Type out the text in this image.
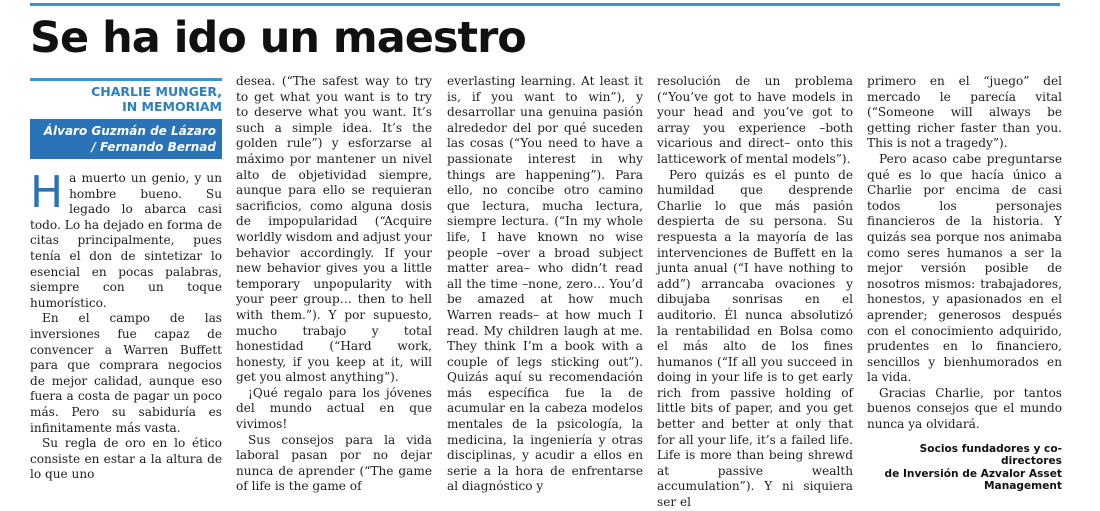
Se ha ido un maestro
CHARLIE MUNGER,
IN MEMORIAM
Álvaro Guzmán de Lázaro
/ Fernando Bernad

Ha muerto un genio, y un hombre bueno. Su legado lo abarca casi todo. Lo ha dejado en forma de citas principalmente, pues tenía el don de sintetizar lo esencial en pocas palabras, siempre con un toque humorístico.

En el campo de las inversiones fue capaz de convencer a Warren Buffett para que comprara negocios de mejor calidad, aunque eso fuera a costa de pagar un poco más. Pero su sabiduría es infinitamente más vasta.

Su regla de oro en lo ético consiste en estar a la altura de lo que uno

desea. (“The safest way to try to get what you want is to try to deserve what you want. It’s such a simple idea. It’s the golden rule”) y esforzarse al máximo por mantener un nivel alto de objetividad siempre, aunque para ello se requieran sacrificios, como alguna dosis de impopularidad (“Acquire worldly wisdom and adjust your behavior accordingly. If your new behavior gives you a little temporary unpopularity with your peer group… then to hell with them.”). Y por supuesto, mucho trabajo y total honestidad (“Hard work, honesty, if you keep at it, will get you almost anything”).

¡Qué regalo para los jóvenes del mundo actual en que vivimos!

Sus consejos para la vida laboral pasan por no dejar nunca de aprender (“The game of life is the game of

everlasting learning. At least it is, if you want to win”), y desarrollar una genuina pasión alrededor del por qué suceden las cosas (“You need to have a passionate interest in why things are happening”). Para ello, no concibe otro camino que lectura, mucha lectura, siempre lectura. (“In my whole life, I have known no wise people –over a broad subject matter area– who didn’t read all the time –none, zero… You’d be amazed at how much Warren reads– at how much I read. My children laugh at me. They think I’m a book with a couple of legs sticking out”). Quizás aquí su recomendación más específica fue la de acumular en la cabeza modelos mentales de la psicología, la medicina, la ingeniería y otras disciplinas, y acudir a ellos en serie a la hora de enfrentarse al diagnóstico y

resolución de un problema (“You’ve got to have models in your head and you’ve got to array you experience –both vicarious and direct– onto this latticework of mental models”).

Pero quizás es el punto de humildad que desprende Charlie lo que más pasión despierta de su persona. Su respuesta a la mayoría de las intervenciones de Buffett en la junta anual (“I have nothing to add”) arrancaba ovaciones y dibujaba sonrisas en el auditorio. Él nunca absolutizó la rentabilidad en Bolsa como el más alto de los fines humanos (“If all you succeed in doing in your life is to get early rich from passive holding of little bits of paper, and you get better and better at only that for all your life, it’s a failed life. Life is more than being shrewd at passive wealth accumulation”). Y ni siquiera ser el

primero en el “juego” del mercado le parecía vital (“Someone will always be getting richer faster than you. This is not a tragedy”).

Pero acaso cabe preguntarse qué es lo que hacía único a Charlie por encima de casi todos los personajes financieros de la historia. Y quizás sea porque nos animaba como seres humanos a ser la mejor versión posible de nosotros mismos: trabajadores, honestos, y apasionados en el aprender; generosos después con el conocimiento adquirido, prudentes en lo financiero, sencillos y bienhumorados en la vida.

Gracias Charlie, por tantos buenos consejos que el mundo nunca ya olvidará.

Socios fundadores y co-directores
de Inversión de Azvalor Asset
Management
